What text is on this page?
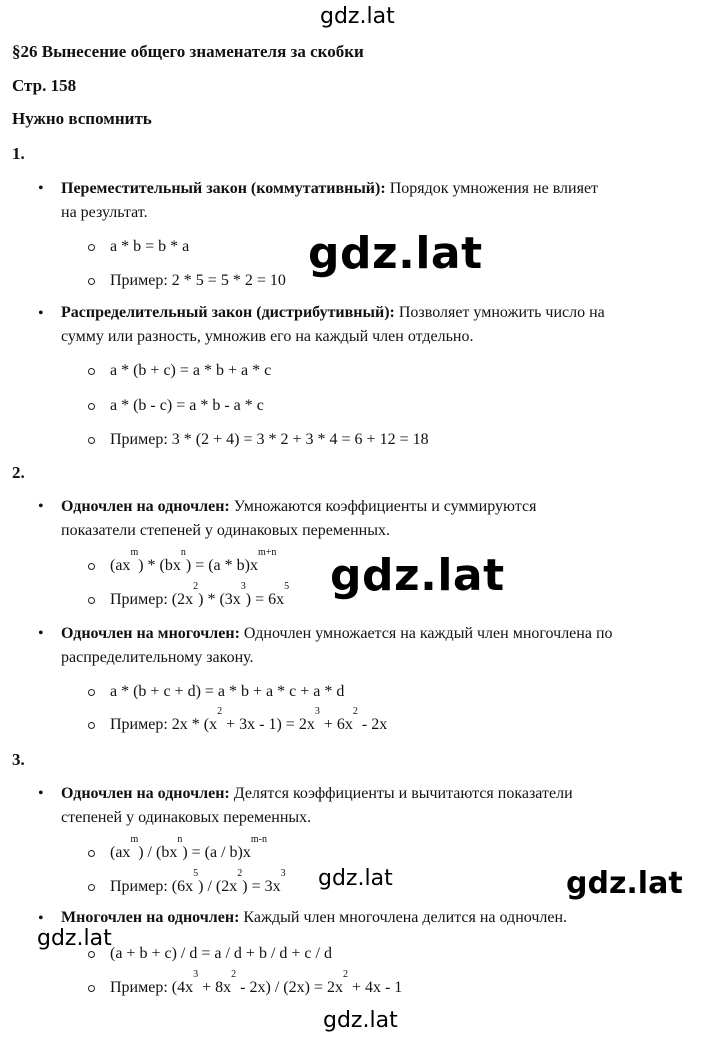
gdz.lat
gdz.lat
gdz.lat
gdz.lat	gdz.lat
gdz.lat
gdz.lat
§26 Вынесение общего знаменателя за скобки
Стр. 158
Нужно вспомнить
1.
• Переместительный закон (коммутативный): Порядок умножения не влияет
на результат.
a * b = b * a
Пример: 2 * 5 = 5 * 2 = 10
• Распределительный закон (дистрибутивный): Позволяет умножить число на
сумму или разность, умножив его на каждый член отдельно.
a * (b + c) = a * b + a * c
a * (b - c) = a * b - a * c
Пример: 3 * (2 + 4) = 3 * 2 + 3 * 4 = 6 + 12 = 18
2.
• Одночлен на одночлен: Умножаются коэффициенты и суммируются
показатели степеней у одинаковых переменных.
$(ax^m) * (bx^n) = (a * b)x^{m+n}$
Пример: $(2x^2) * (3x^3) = 6x^5$
• Одночлен на многочлен: Одночлен умножается на каждый член многочлена по
распределительному закону.
a * (b + c + d) = a * b + a * c + a * d
Пример: $2x * (x^2 + 3x - 1) = 2x^3 + 6x^2 - 2x$
3.
• Одночлен на одночлен: Делятся коэффициенты и вычитаются показатели
степеней у одинаковых переменных.
$(ax^m) / (bx^n) = (a / b)x^{m-n}$
Пример: $(6x^5) / (2x^2) = 3x^3$
• Многочлен на одночлен: Каждый член многочлена делится на одночлен.
(a + b + c) / d = a / d + b / d + c / d
Пример: $(4x^3 + 8x^2 - 2x) / (2x) = 2x^2 + 4x - 1$
